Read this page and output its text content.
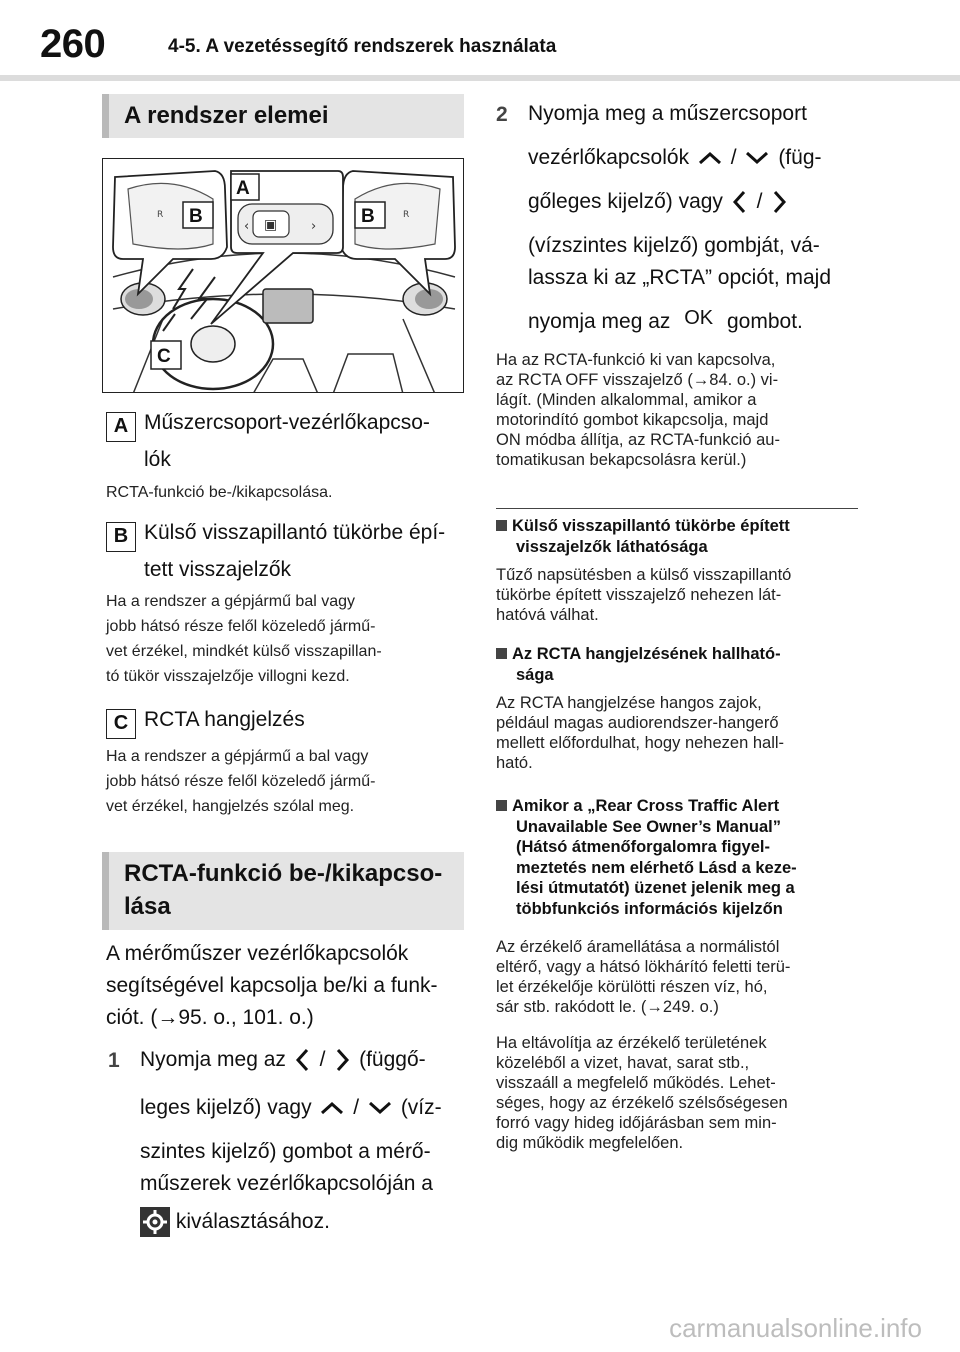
260	4-5. A vezetéssegítő rendszerek használata
A rendszer elemei
R B	B	R
▣
‹	›
A
C
A Műszercsoport-vezérlőkapcso-
lók
RCTA-funkció be-/kikapcsolása.
B Külső visszapillantó tükörbe épí-
tett visszajelzők
Ha a rendszer a gépjármű bal vagy
jobb hátsó része felől közeledő jármű-
vet érzékel, mindkét külső visszapillan-
tó tükör visszajelzője villogni kezd.
C RCTA hangjelzés
Ha a rendszer a gépjármű a bal vagy
jobb hátsó része felől közeledő jármű-
vet érzékel, hangjelzés szólal meg.
RCTA-funkció be-/kikapcso-
lása
A mérőműszer vezérlőkapcsolók
segítségével kapcsolja be/ki a funk-
ciót. (→95. o., 101. o.)
1 Nyomja meg az / (függő-
leges kijelző) vagy / (víz-
szintes kijelző) gombot a mérő-
műszerek vezérlőkapcsolóján a
kiválasztásához.
2 Nyomja meg a műszercsoport
vezérlőkapcsolók / (füg-
gőleges kijelző) vagy /
(vízszintes kijelző) gombját, vá-
lassza ki az „RCTA” opciót, majd
nyomja meg az OK gombot.
Ha az RCTA-funkció ki van kapcsolva,
az RCTA OFF visszajelző (→84. o.) vi-
lágít. (Minden alkalommal, amikor a
motorindító gombot kikapcsolja, majd
ON módba állítja, az RCTA-funkció au-
tomatikusan bekapcsolásra kerül.)
Külső visszapillantó tükörbe épített
visszajelzők láthatósága
Tűző napsütésben a külső visszapillantó
tükörbe épített visszajelző nehezen lát-
hatóvá válhat.
Az RCTA hangjelzésének hallható-
sága
Az RCTA hangjelzése hangos zajok,
például magas audiorendszer-hangerő
mellett előfordulhat, hogy nehezen hall-
ható.
Amikor a „Rear Cross Traffic Alert
Unavailable See Owner’s Manual”
(Hátsó átmenőforgalomra figyel-
meztetés nem elérhető Lásd a keze-
lési útmutatót) üzenet jelenik meg a
többfunkciós információs kijelzőn
Az érzékelő áramellátása a normálistól
eltérő, vagy a hátsó lökhárító feletti terü-
let érzékelője körülötti részen víz, hó,
sár stb. rakódott le. (→249. o.)
Ha eltávolítja az érzékelő területének
közeléből a vizet, havat, sarat stb.,
visszaáll a megfelelő működés. Lehet-
séges, hogy az érzékelő szélsőségesen
forró vagy hideg időjárásban sem min-
dig működik megfelelően.
carmanualsonline.info
